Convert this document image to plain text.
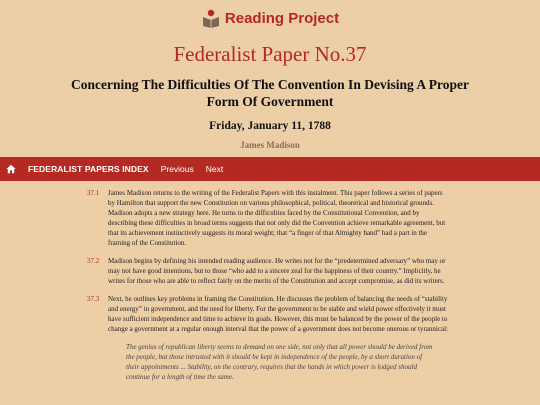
Reading Project
Federalist Paper No.37
Concerning The Difficulties Of The Convention In Devising A Proper Form Of Government
Friday, January 11, 1788
James Madison
FEDERALIST PAPERS INDEX	Previous	Next
37.1 James Madison returns to the writing of the Federalist Papers with this instalment. This paper follows a series of papers by Hamilton that support the new Constitution on various philosophical, political, theoretical and historical grounds. Madison adopts a new strategy here. He turns to the difficulties faced by the Constitutional Convention, and by describing these difficulties in broad terms suggests that not only did the Convention achieve remarkable agreement, but that its achievement instinctively suggests its moral weight; that “a finger of that Almighty hand” had a part in the framing of the Constitution.
37.2 Madison begins by defining his intended reading audience. He writes not for the “predetermined adversary” who may or may not have good intentions, but to those “who add to a sincere zeal for the happiness of their country.” Implicitly, he writes for those who are able to reflect fairly on the merits of the Constitution and accept compromise, as did its writers.
37.3 Next, he outlines key problems in framing the Constitution. He discusses the problem of balancing the needs of “stability and energy” in government, and the need for liberty. For the government to be stable and wield power effectively it must have sufficient independence and time to achieve its goals. However, this must be balanced by the power of the people to change a government at a regular enough interval that the power of a government does not become onerous or tyrannical:
The genius of republican liberty seems to demand on one side, not only that all power should be derived from the people, but those intrusted with it should be kept in independence of the people, by a short duration of their appointments ... Stability, on the contrary, requires that the hands in which power is lodged should continue for a length of time the same.
